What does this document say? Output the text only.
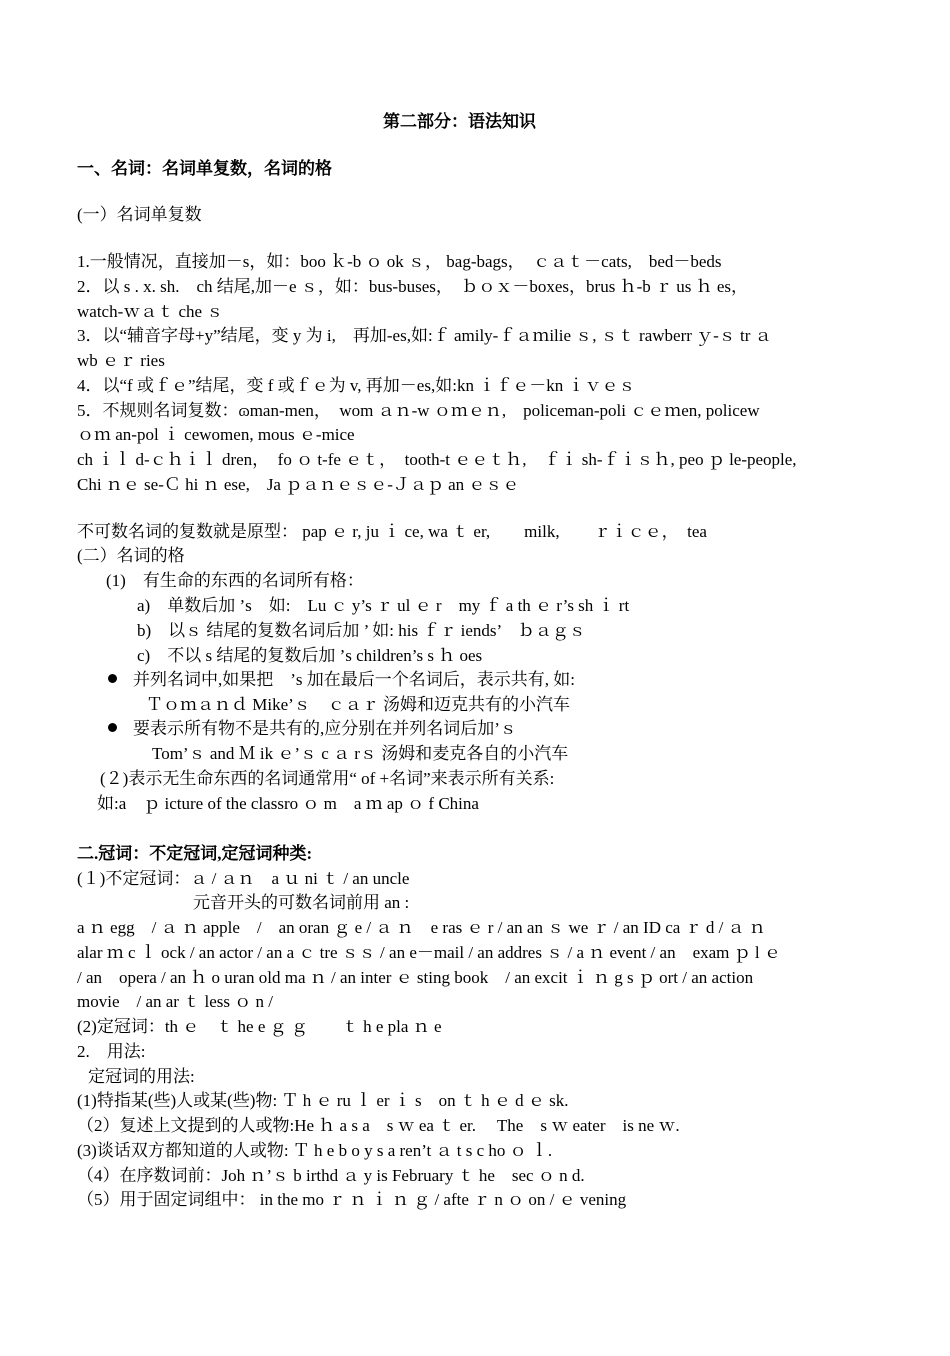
第二部分：语法知识
一、名词：名词单复数，名词的格
(一）名词单复数
1.一般情况，直接加－s，如：boo ｋ-b ｏ ok ｓ， bag-bags，　ｃａｔ－cats,　bed－beds
2．以 s . x. sh.　ch 结尾,加－e ｓ，如：bus-buses，　ｂｏｘ－boxes，brus ｈ-b ｒ us ｈ es，
watch-ｗａｔ che ｓ
3．以“辅音字母+y”结尾，变 y 为 i,　再加-es,如:ｆ amily-ｆａｍilie ｓ, ｓｔ rawberr ｙ-ｓ tr ａ
wb ｅｒ ries
4．以“f 或ｆｅ”结尾，变 f 或ｆｅ为 v, 再加－es,如:kn ｉｆｅ－kn ｉｖｅｓ
5．不规则名词复数：ɷman-men，　wom ａｎ-w ｏｍｅｎ,　policeman-poli ｃｅｍen, policew
ｏｍ an-pol ｉ cewomen, mous ｅ-mice
ch ｉｌ d-ｃｈｉｌ dren，　fo ｏ t-fe ｅｔ，　tooth-t ｅｅｔｈ,　ｆｉ sh-ｆｉｓｈ, peo ｐ le-people,
Chi ｎｅ se-Ｃ hi ｎ ese,　Ja ｐａｎｅｓｅ-Ｊａｐ an ｅｓｅ
不可数名词的复数就是原型： pap ｅ r, ju ｉ ce, wa ｔ er,　　milk,　　ｒｉｃｅ，　tea
(二）名词的格
(1)　有生命的东西的名词所有格：
a)　单数后加 ’s　如:　Lu ｃ y’s ｒ ul ｅ r　my ｆ a th ｅ r’s sh ｉ rt
b)　以ｓ 结尾的复数名词后加 ’ 如: his ｆｒ iends’　ｂａｇｓ
c)　不以 s 结尾的复数后加 ’s children’s s ｈ oes
并列名词中,如果把　’s 加在最后一个名词后，表示共有, 如:
Ｔｏｍａｎｄ Mike’ｓ　ｃａｒ 汤姆和迈克共有的小汽车
要表示所有物不是共有的,应分别在并列名词后加’ｓ
Tom’ｓ and Ｍ ik ｅ’ｓ c ａ rｓ 汤姆和麦克各自的小汽车
(２)表示无生命东西的名词通常用“ of +名词”来表示所有关系:
如:a　ｐ icture of the classro ｏ m　a ｍ ap ｏ f China
二.冠词：不定冠词,定冠词种类:
(１)不定冠词：ａ / ａｎ　a ｕ ni ｔ / an uncle
元音开头的可数名词前用 an :
a ｎ egg　/ ａ ｎ apple　/　an oran ｇ e / ａ ｎ　e ras ｅ r / an an ｓ we ｒ / an ID ca ｒ d / ａ ｎ
alar ｍ c ｌ ock / an actor / an a ｃ tre ｓｓ / an e－mail / an addres ｓ / a ｎ event / an　exam ｐ l ｅ
/ an　opera / an ｈ o uran old ma ｎ / an inter ｅ sting book　/ an excit ｉ ｎ g s ｐ ort / an action
movie　/ an ar ｔ less ｏ n /
(2)定冠词：th ｅ　ｔ he e ｇ ｇ　　ｔ h e pla ｎ e
2.　用法:
定冠词的用法:
(1)特指某(些)人或某(些)物: Ｔ h ｅ ru ｌ er ｉ s　on ｔ h ｅ d ｅ sk.
（2）复述上文提到的人或物:He ｈ a s a　s ｗ ea ｔ er.　 The　s ｗ eater　is ne ｗ.
(3)谈话双方都知道的人或物: Ｔ h e b o y s a ren’t ａ t s c ho ｏ ｌ.
（4）在序数词前：Joh ｎ’ｓ b irthd ａ y is February ｔ he　sec ｏ n d.
（5）用于固定词组中： in the mo ｒ ｎ ｉ ｎ ｇ / afte ｒ n ｏ on / ｅ vening
